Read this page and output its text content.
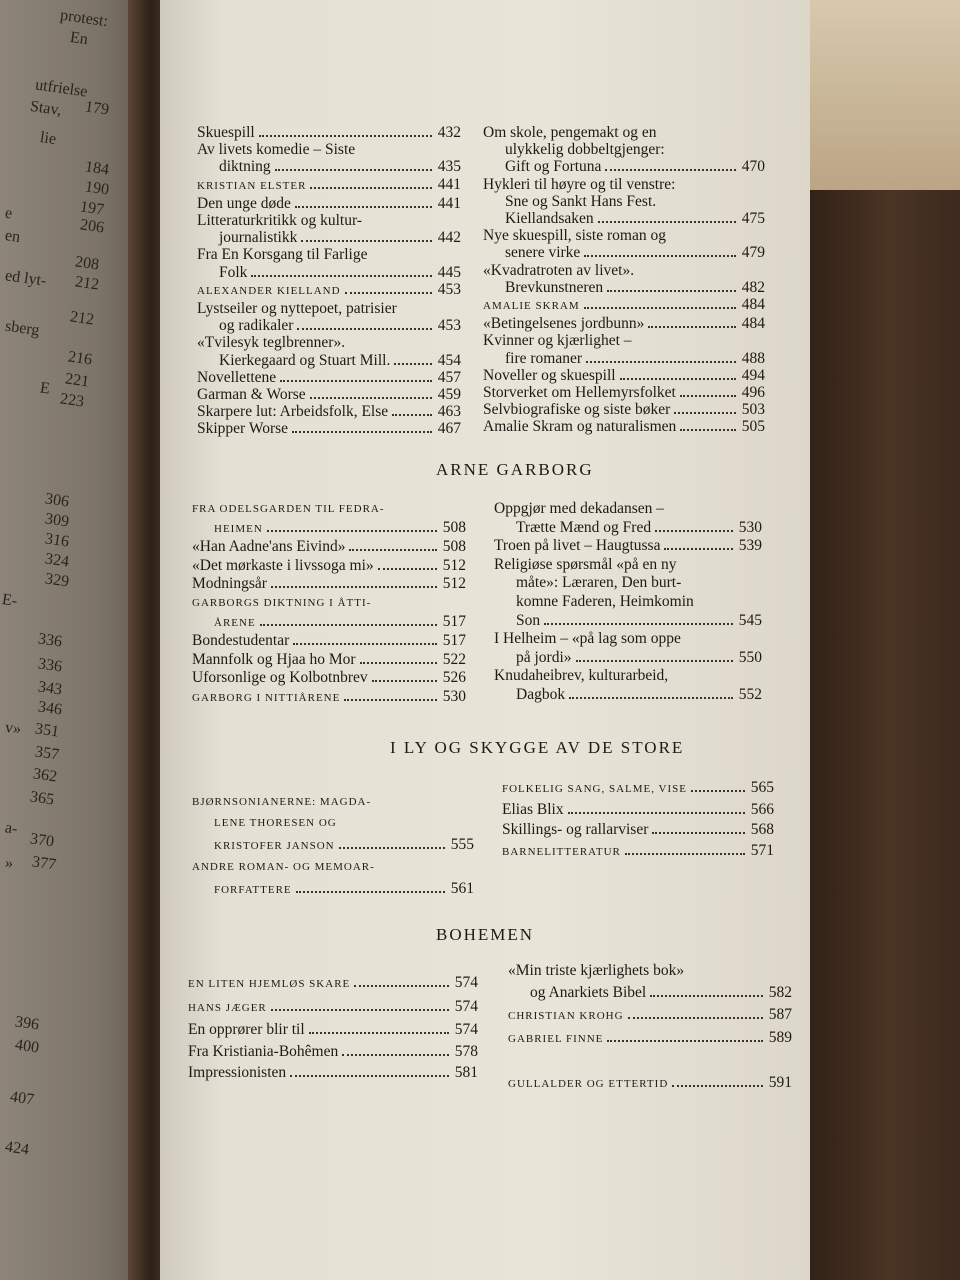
protest:
En
utfrielse
179
Stav,
lie
184
190
197
e
206
en
208
ed lyt- 212
212
sberg
216
221
E
223
306
309
316
324
329
E-
336
336
343
346
v» 351
357
362
365
a-
370
» 377
396
400
407
424
Skuespill	432
Av livets komedie – Siste
diktning	435
KRISTIAN ELSTER	441
Den unge døde	441
Litteraturkritikk og kultur-
journalistikk	442
Fra En Korsgang til Farlige
Folk	445
ALEXANDER KIELLAND	453
Lystseiler og nyttepoet, patrisier
og radikaler	453
«Tvilesyk teglbrenner».
Kierkegaard og Stuart Mill.	454
Novellettene	457
Garman & Worse	459
Skarpere lut: Arbeidsfolk, Else	463
Skipper Worse	467
Om skole, pengemakt og en
ulykkelig dobbeltgjenger:
Gift og Fortuna	470
Hykleri til høyre og til venstre:
Sne og Sankt Hans Fest.
Kiellandsaken	475
Nye skuespill, siste roman og
senere virke	479
«Kvadratroten av livet».
Brevkunstneren	482
AMALIE SKRAM	484
«Betingelsenes jordbunn»	484
Kvinner og kjærlighet –
fire romaner	488
Noveller og skuespill	494
Storverket om Hellemyrsfolket	496
Selvbiografiske og siste bøker	503
Amalie Skram og naturalismen	505
ARNE GARBORG
FRA ODELSGARDEN TIL FEDRA-
HEIMEN	508
«Han Aadne'ans Eivind»	508
«Det mørkaste i livssoga mi»	512
Modningsår	512
GARBORGS DIKTNING I ÅTTI-
ÅRENE	517
Bondestudentar	517
Mannfolk og Hjaa ho Mor	522
Uforsonlige og Kolbotnbrev	526
GARBORG I NITTIÅRENE	530
Oppgjør med dekadansen –
Trætte Mænd og Fred	530
Troen på livet – Haugtussa	539
Religiøse spørsmål «på en ny
måte»: Læraren, Den burt-
komne Faderen, Heimkomin
Son	545
I Helheim – «på lag som oppe
på jordi»	550
Knudaheibrev, kulturarbeid,
Dagbok	552
I LY OG SKYGGE AV DE STORE
BJØRNSONIANERNE: MAGDA-
LENE THORESEN OG
KRISTOFER JANSON	555
ANDRE ROMAN- OG MEMOAR-
FORFATTERE	561
FOLKELIG SANG, SALME, VISE	565
Elias Blix	566
Skillings- og rallarviser	568
BARNELITTERATUR	571
BOHEMEN
EN LITEN HJEMLØS SKARE	574
HANS JÆGER	574
En opprører blir til	574
Fra Kristiania-Bohêmen	578
Impressionisten	581
«Min triste kjærlighets bok»
og Anarkiets Bibel	582
CHRISTIAN KROHG	587
GABRIEL FINNE	589

GULLALDER OG ETTERTID	591
